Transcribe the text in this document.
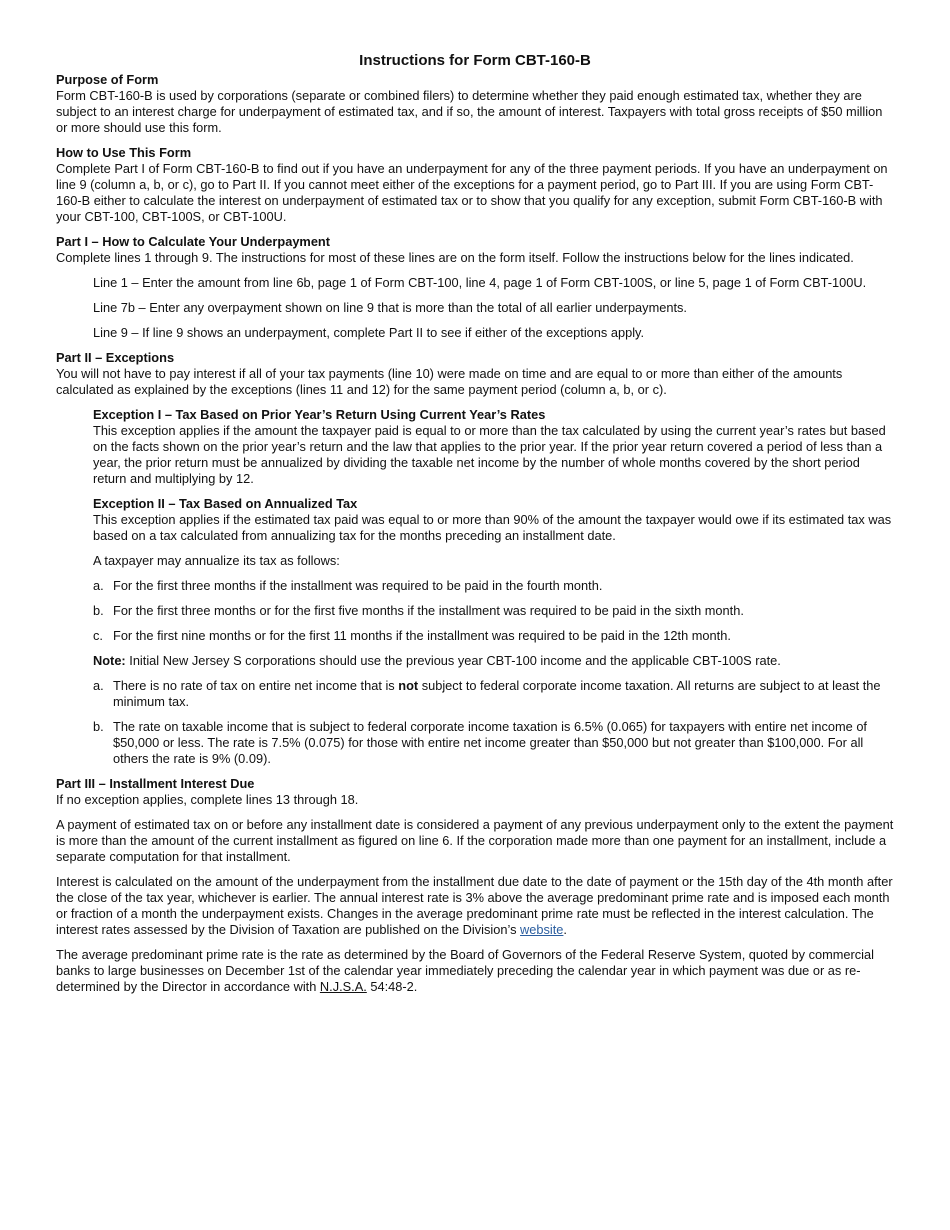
Instructions for Form CBT-160-B

Purpose of Form

Form CBT-160-B is used by corporations (separate or combined filers) to determine whether they paid enough estimated tax, whether they are subject to an interest charge for underpayment of estimated tax, and if so, the amount of interest. Taxpayers with total gross receipts of $50 million or more should use this form.

How to Use This Form

Complete Part I of Form CBT-160-B to find out if you have an underpayment for any of the three payment periods. If you have an underpayment on line 9 (column a, b, or c), go to Part II. If you cannot meet either of the exceptions for a payment period, go to Part III. If you are using Form CBT-160-B either to calculate the interest on underpayment of estimated tax or to show that you qualify for any exception, submit Form CBT-160-B with your CBT-100, CBT-100S, or CBT-100U.

Part I – How to Calculate Your Underpayment

Complete lines 1 through 9. The instructions for most of these lines are on the form itself. Follow the instructions below for the lines indicated.

Line 1 – Enter the amount from line 6b, page 1 of Form CBT-100, line 4, page 1 of Form CBT-100S, or line 5, page 1 of Form CBT-100U.

Line 7b – Enter any overpayment shown on line 9 that is more than the total of all earlier underpayments.

Line 9 – If line 9 shows an underpayment, complete Part II to see if either of the exceptions apply.

Part II – Exceptions

You will not have to pay interest if all of your tax payments (line 10) were made on time and are equal to or more than either of the amounts calculated as explained by the exceptions (lines 11 and 12) for the same payment period (column a, b, or c).

Exception I – Tax Based on Prior Year’s Return Using Current Year’s Rates

This exception applies if the amount the taxpayer paid is equal to or more than the tax calculated by using the current year’s rates but based on the facts shown on the prior year’s return and the law that applies to the prior year. If the prior year return covered a period of less than a year, the prior return must be annualized by dividing the taxable net income by the number of whole months covered by the short period return and multiplying by 12.

Exception II – Tax Based on Annualized Tax

This exception applies if the estimated tax paid was equal to or more than 90% of the amount the taxpayer would owe if its estimated tax was based on a tax calculated from annualizing tax for the months preceding an installment date.

A taxpayer may annualize its tax as follows:

a. For the first three months if the installment was required to be paid in the fourth month.
b. For the first three months or for the first five months if the installment was required to be paid in the sixth month.
c. For the first nine months or for the first 11 months if the installment was required to be paid in the 12th month.

Note: Initial New Jersey S corporations should use the previous year CBT-100 income and the applicable CBT-100S rate.

a. There is no rate of tax on entire net income that is not subject to federal corporate income taxation. All returns are subject to at least the minimum tax.
b. The rate on taxable income that is subject to federal corporate income taxation is 6.5% (0.065) for taxpayers with entire net income of $50,000 or less. The rate is 7.5% (0.075) for those with entire net income greater than $50,000 but not greater than $100,000. For all others the rate is 9% (0.09).

Part III – Installment Interest Due

If no exception applies, complete lines 13 through 18.

A payment of estimated tax on or before any installment date is considered a payment of any previous underpayment only to the extent the payment is more than the amount of the current installment as figured on line 6. If the corporation made more than one payment for an installment, include a separate computation for that installment.

Interest is calculated on the amount of the underpayment from the installment due date to the date of payment or the 15th day of the 4th month after the close of the tax year, whichever is earlier. The annual interest rate is 3% above the average predominant prime rate and is imposed each month or fraction of a month the underpayment exists. Changes in the average predominant prime rate must be reflected in the interest calculation. The interest rates assessed by the Division of Taxation are published on the Division’s website.

The average predominant prime rate is the rate as determined by the Board of Governors of the Federal Reserve System, quoted by commercial banks to large businesses on December 1st of the calendar year immediately preceding the calendar year in which payment was due or as re-determined by the Director in accordance with N.J.S.A. 54:48-2.
